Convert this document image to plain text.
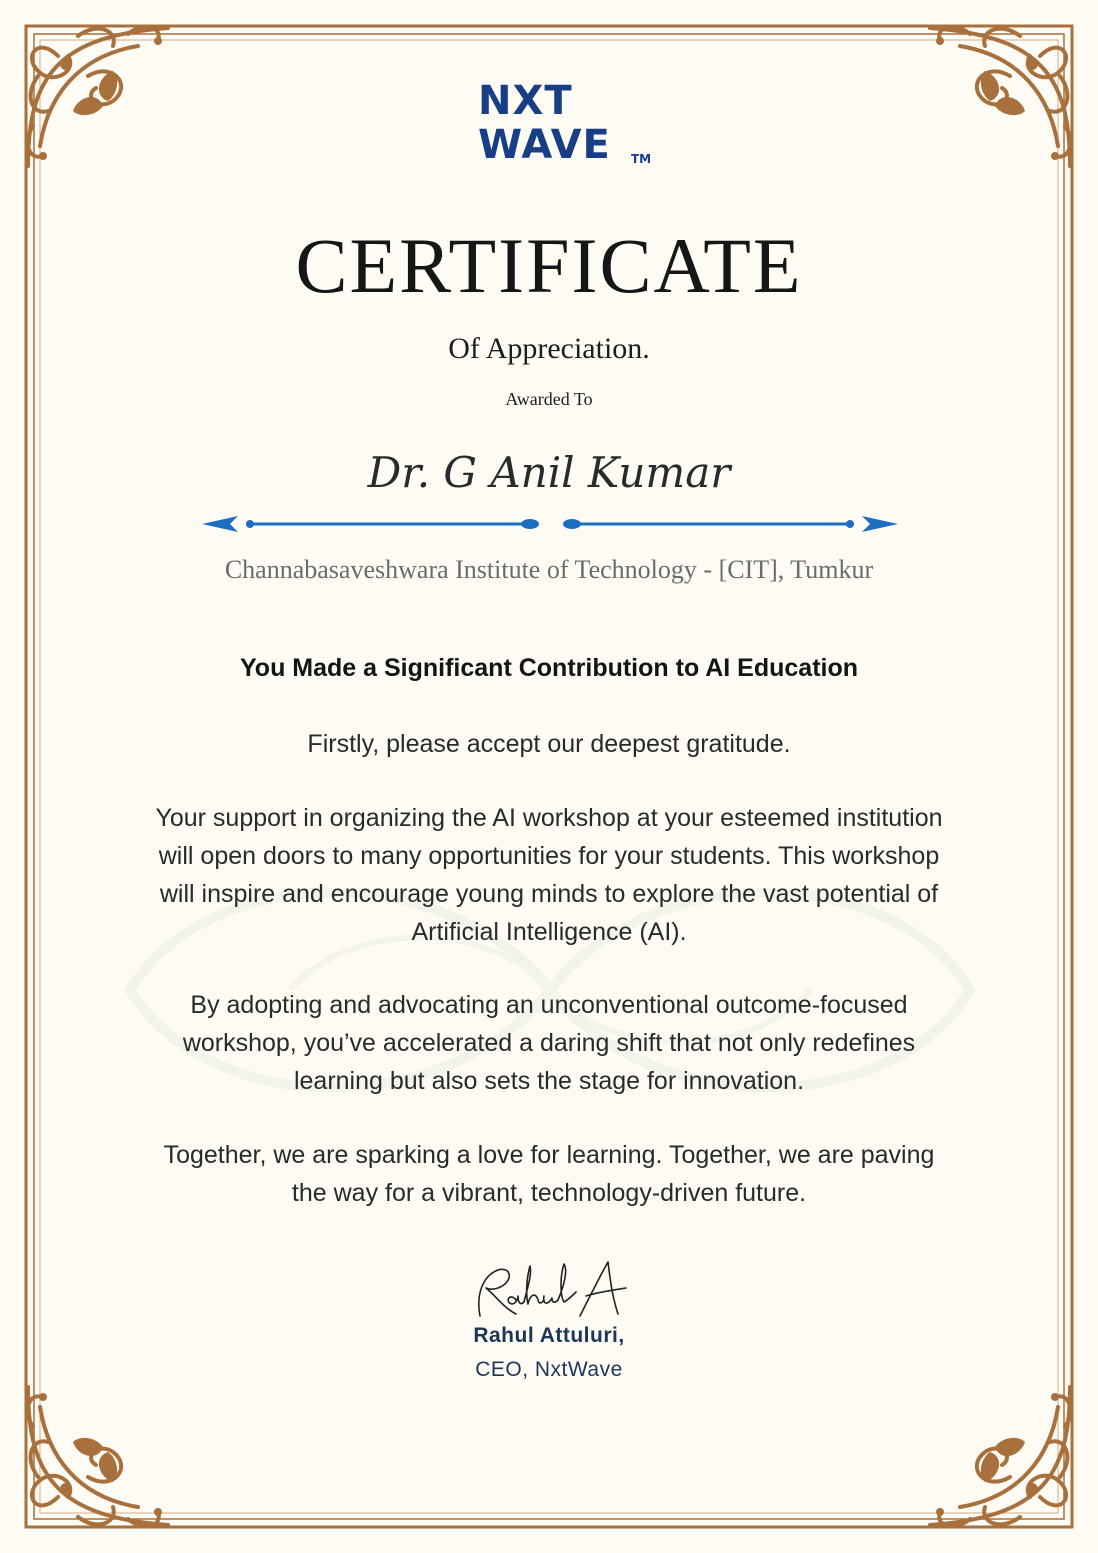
NXT
WAVE TM
CERTIFICATE
Of Appreciation.
Awarded To
Dr. G Anil Kumar
Channabasaveshwara Institute of Technology - [CIT], Tumkur
You Made a Significant Contribution to AI Education
Firstly, please accept our deepest gratitude.
Your support in organizing the AI workshop at your esteemed institution will open doors to many opportunities for your students. This workshop will inspire and encourage young minds to explore the vast potential of Artificial Intelligence (AI).
By adopting and advocating an unconventional outcome-focused workshop, you’ve accelerated a daring shift that not only redefines learning but also sets the stage for innovation.
Together, we are sparking a love for learning. Together, we are paving the way for a vibrant, technology-driven future.
Rahul Attuluri,
CEO, NxtWave
